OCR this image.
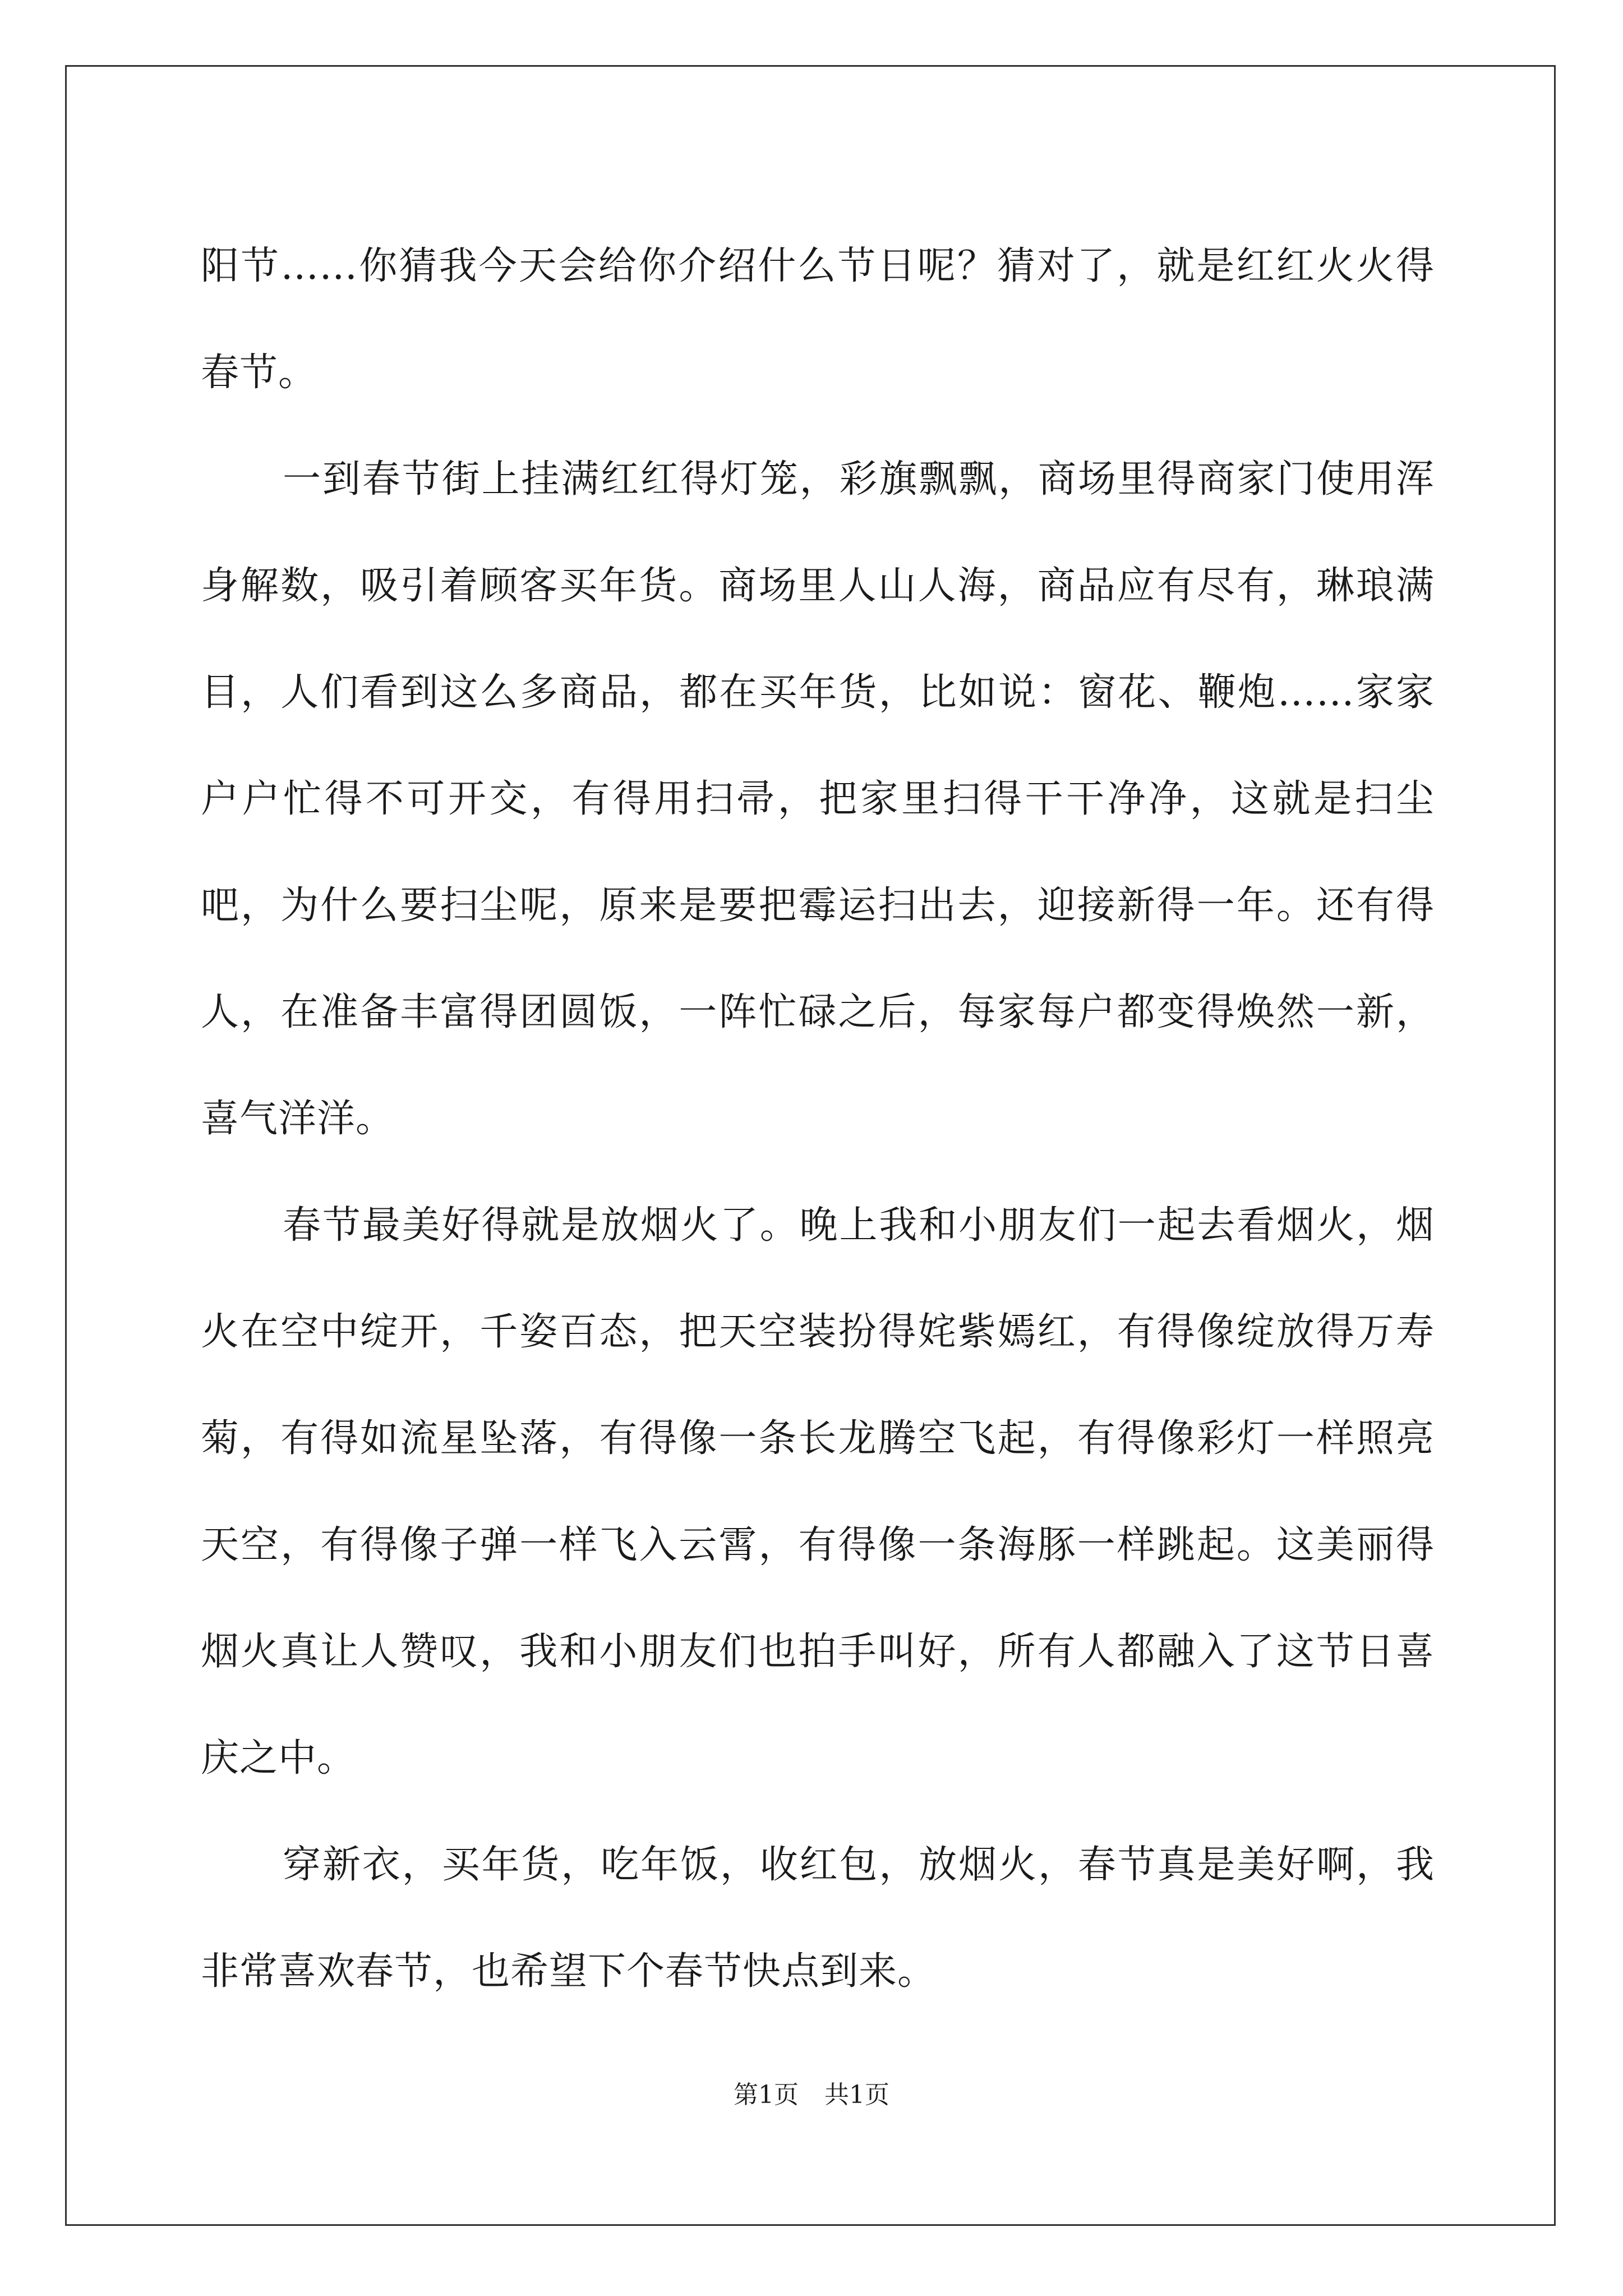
阳节……你猜我今天会给你介绍什么节日呢？猜对了，就是红红火火得春节。

一到春节街上挂满红红得灯笼，彩旗飘飘，商场里得商家门使用浑身解数，吸引着顾客买年货。商场里人山人海，商品应有尽有，琳琅满目，人们看到这么多商品，都在买年货，比如说：窗花、鞭炮……家家户户忙得不可开交，有得用扫帚，把家里扫得干干净净，这就是扫尘吧，为什么要扫尘呢，原来是要把霉运扫出去，迎接新得一年。还有得人，在准备丰富得团圆饭，一阵忙碌之后，每家每户都变得焕然一新，喜气洋洋。

春节最美好得就是放烟火了。晚上我和小朋友们一起去看烟火，烟火在空中绽开，千姿百态，把天空装扮得姹紫嫣红，有得像绽放得万寿菊，有得如流星坠落，有得像一条长龙腾空飞起，有得像彩灯一样照亮天空，有得像子弹一样飞入云霄，有得像一条海豚一样跳起。这美丽得烟火真让人赞叹，我和小朋友们也拍手叫好，所有人都融入了这节日喜庆之中。

穿新衣，买年货，吃年饭，收红包，放烟火，春节真是美好啊，我非常喜欢春节，也希望下个春节快点到来。

第1页 共1页
